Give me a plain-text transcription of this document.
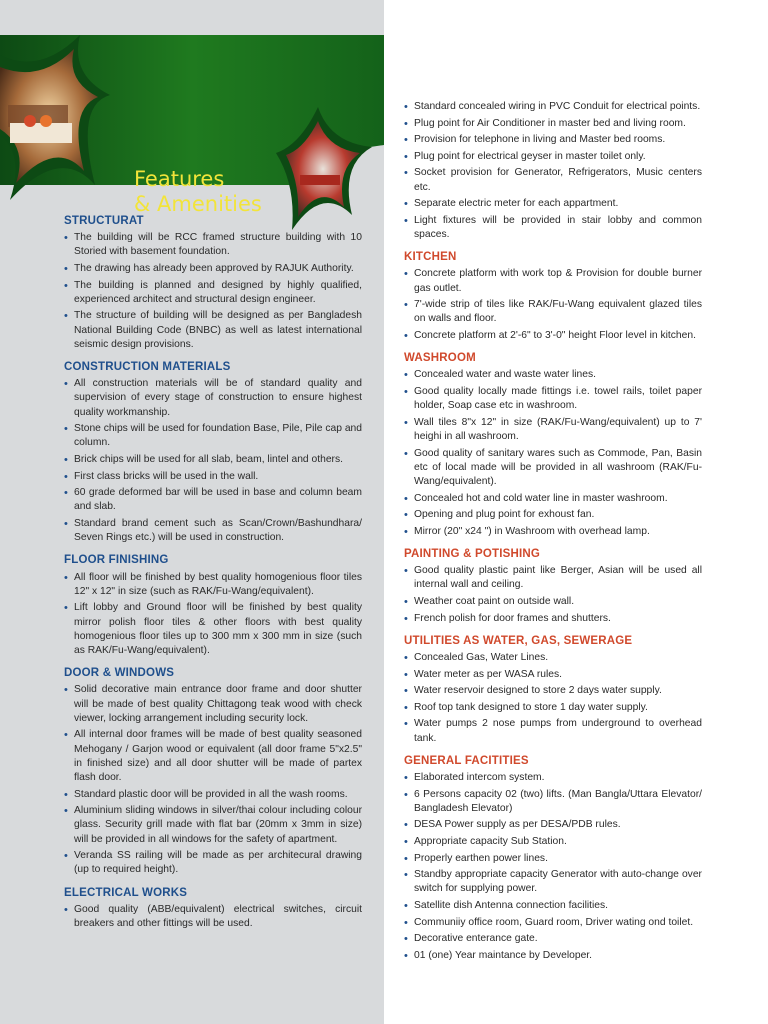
Features
& Amenities
STRUCTURAT
• The building will be RCC framed structure building with 10 Storied with basement foundation.
• The drawing has already been approved by RAJUK Authority.
• The building is planned and designed by highly qualified, experienced architect and structural design engineer.
• The structure of building will be designed as per Bangladesh National Building Code (BNBC) as well as latest international seismic design provisions.
CONSTRUCTION MATERIALS
• All construction materials will be of standard quality and supervision of every stage of construction to ensure highest quality workmanship.
• Stone chips will be used for foundation Base, Pile, Pile cap and column.
• Brick chips will be used for all slab, beam, lintel and others.
• First class bricks will be used in the wall.
• 60 grade deformed bar will be used in base and column beam and slab.
• Standard brand cement such as Scan/Crown/Bashundhara/ Seven Rings etc.) will be used in construction.
FLOOR FINISHING
• All floor will be finished by best quality homogenious floor tiles 12" x 12" in size (such as RAK/Fu-Wang/equivalent).
• Lift lobby and Ground floor will be finished by best quality mirror polish floor tiles & other floors with best quality homogenious floor tiles up to 300 mm x 300 mm in size (such as RAK/Fu-Wang/equivalent).
DOOR & WINDOWS
• Solid decorative main entrance door frame and door shutter will be made of best quality Chittagong teak wood with check viewer, locking arrangement including security lock.
• All internal door frames will be made of best quality seasoned Mehogany / Garjon wood or equivalent (all door frame 5"x2.5" in finished size) and all door shutter will be made of partex flash door.
• Standard plastic door will be provided in all the wash rooms.
• Aluminium sliding windows in silver/thai colour including colour glass. Security grill made with flat bar (20mm x 3mm in size) will be provided in all windows for the safety of apartment.
• Veranda SS railing will be made as per architecural drawing (up to required height).
ELECTRICAL WORKS
• Good quality (ABB/equivalent) electrical switches, circuit breakers and other fittings will be used.
• Standard concealed wiring in PVC Conduit for electrical points.
• Plug point for Air Conditioner in master bed and living room.
• Provision for telephone in living and Master bed rooms.
• Plug point for electrical geyser in master toilet only.
• Socket provision for Generator, Refrigerators, Music centers etc.
• Separate electric meter for each appartment.
• Light fixtures will be provided in stair lobby and common spaces.
KITCHEN
• Concrete platform with work top & Provision for double burner gas outlet.
• 7'-wide strip of tiles like RAK/Fu-Wang equivalent glazed tiles on walls and floor.
• Concrete platform at 2'-6" to 3'-0" height Floor level in kitchen.
WASHROOM
• Concealed water and waste water lines.
• Good quality locally made fittings i.e. towel rails, toilet paper holder, Soap case etc in washroom.
• Wall tiles 8"x 12" in size (RAK/Fu-Wang/equivalent) up to 7' heighi in all washroom.
• Good quality of sanitary wares such as Commode, Pan, Basin etc of local made will be provided in all washroom (RAK/Fu-Wang/equivalent).
• Concealed hot and cold water line in master washroom.
• Opening and plug point for exhoust fan.
• Mirror (20" x24 ") in Washroom with overhead lamp.
PAINTING & POTISHING
• Good quality plastic paint like Berger, Asian will be used all internal wall and ceiling.
• Weather coat paint on outside wall.
• French polish for door frames and shutters.
UTILITIES AS WATER, GAS, SEWERAGE
• Concealed Gas, Water Lines.
• Water meter as per WASA rules.
• Water reservoir designed to store 2 days water supply.
• Roof top tank designed to store 1 day water supply.
• Water pumps 2 nose pumps from underground to overhead tank.
GENERAL FACITITIES
• Elaborated intercom system.
• 6 Persons capacity 02 (two) lifts. (Man Bangla/Uttara Elevator/ Bangladesh Elevator)
• DESA Power supply as per DESA/PDB rules.
• Appropriate capacity Sub Station.
• Properly earthen power lines.
• Standby appropriate capacity Generator with auto-change over switch for supplying power.
• Satellite dish Antenna connection facilities.
• Communiiy office room, Guard room, Driver wating ond toilet.
• Decorative enterance gate.
• 01 (one) Year maintance by Developer.
